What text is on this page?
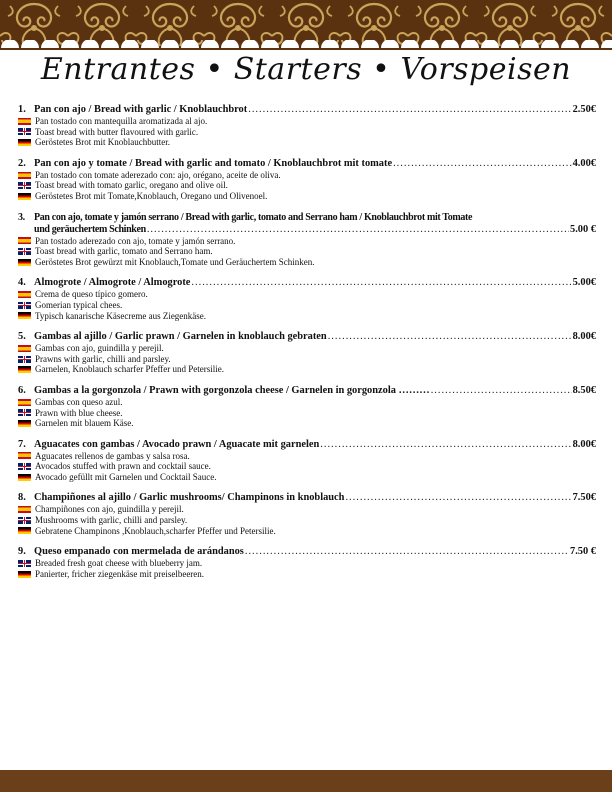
Entrantes • Starters • Vorspeisen
1. Pan con ajo / Bread with garlic / Knoblauchbrot .....	2.50€
Pan tostado con mantequilla aromatizada al ajo.
Toast bread with butter flavoured with garlic.
Geröstetes Brot mit Knoblauchbutter.
2. Pan con ajo y tomate / Bread with garlic and tomato / Knoblauchbrot mit tomate .....	4.00€
Pan tostado con tomate aderezado con: ajo, orégano, aceite de oliva.
Toast bread with tomato garlic, oregano and olive oil.
Geröstetes Brot mit Tomate,Knoblauch, Oregano und Olivenoel.
3. Pan con ajo, tomate y jamón serrano / Bread with garlic, tomato and Serrano ham / Knoblauchbrot mit Tomate
und geräuchertem Schinken .....	5.00 €
Pan tostado aderezado con ajo, tomate y jamón serrano.
Toast bread with garlic, tomato and Serrano ham.
Geröstetes Brot gewürzt mit Knoblauch,Tomate und Geräuchertem Schinken.
4. Almogrote / Almogrote / Almogrote .....	5.00€
Crema de queso típico gomero.
Gomerian typical chees.
Typisch kanarische Käsecreme aus Ziegenkäse.
5. Gambas al ajillo / Garlic prawn / Garnelen in knoblauch gebraten .....	8.00€
Gambas con ajo, guindilla y perejil.
Prawns with garlic, chilli and parsley.
Garnelen, Knoblauch scharfer Pfeffer und Petersilie.
6. Gambas a la gorgonzola / Prawn with gorgonzola cheese / Garnelen in gorgonzola ……… .....	8.50€
Gambas con queso azul.
Prawn with blue cheese.
Garnelen mit blauem Käse.
7. Aguacates con gambas / Avocado prawn / Aguacate mit garnelen .....	8.00€
Aguacates rellenos de gambas y salsa rosa.
Avocados stuffed with prawn and cocktail sauce.
Avocado gefüllt mit Garnelen und Cocktail Sauce.
8. Champiñones al ajillo / Garlic mushrooms/ Champinons in knoblauch .....	7.50€
Champiñones con ajo, guindilla y perejil.
Mushrooms with garlic, chilli and parsley.
Gebratene Champinons ,Knoblauch,scharfer Pfeffer und Petersilie.
9. Queso empanado con mermelada de arándanos .....	7.50 €
Breaded fresh goat cheese with blueberry jam.
Panierter, fricher ziegenkäse mit preiselbeeren.
